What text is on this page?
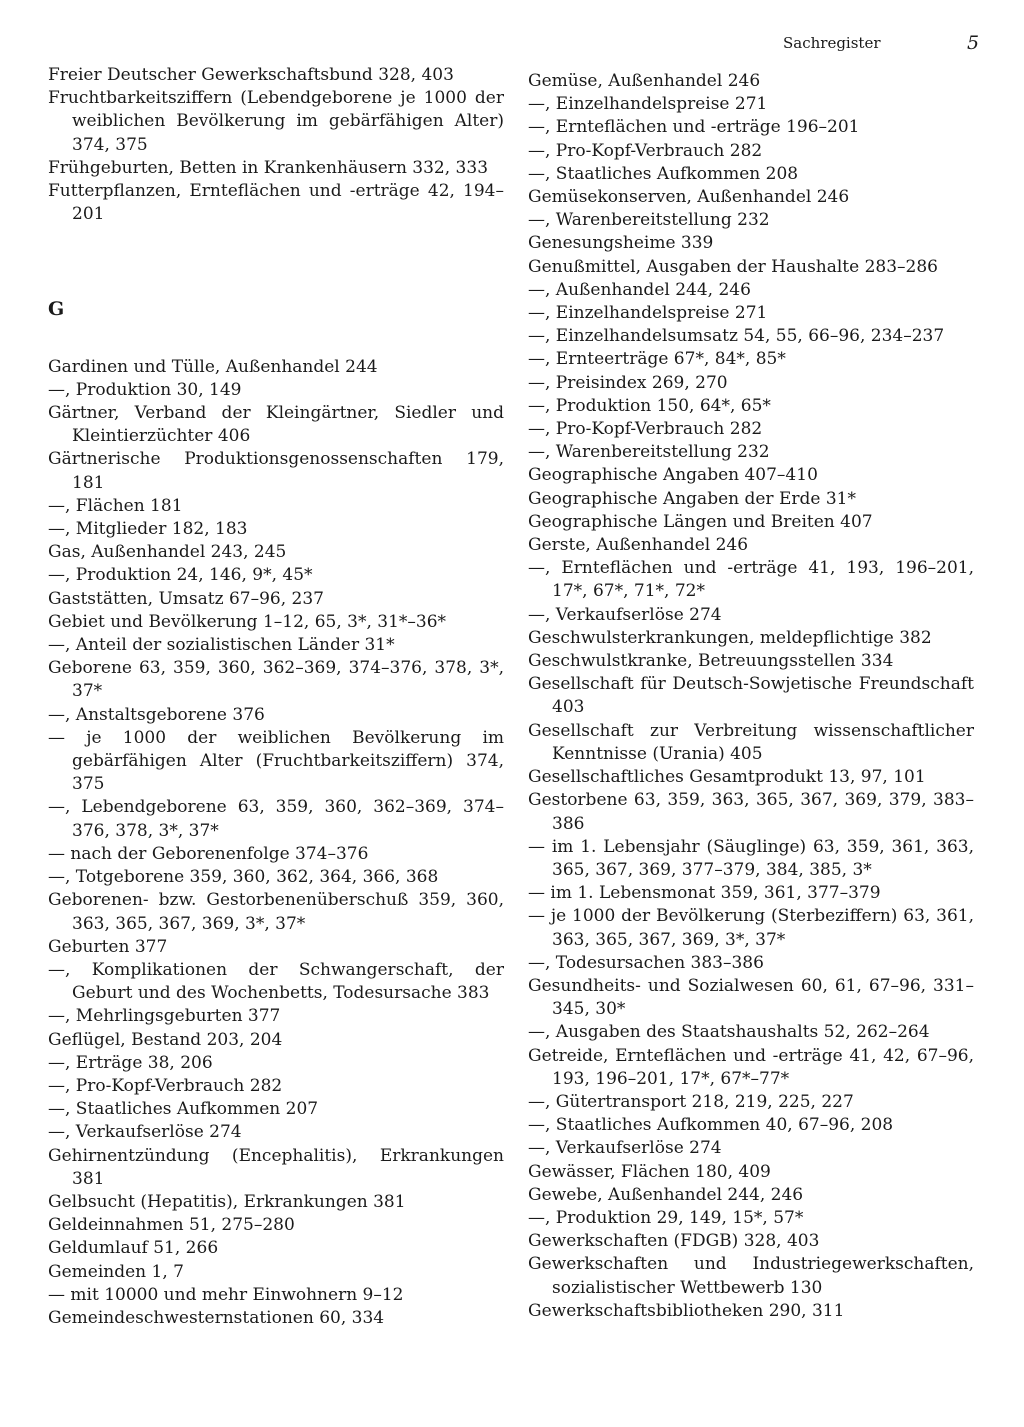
Sachregister	5

Freier Deutscher Gewerkschaftsbund 328, 403

Fruchtbarkeitsziffern (Lebendgeborene je 1000 der weiblichen Bevölkerung im gebärfähigen Alter) 374, 375

Frühgeburten, Betten in Krankenhäusern 332, 333

Futterpflanzen, Ernteflächen und -erträge 42, 194–201

G

Gardinen und Tülle, Außenhandel 244

—, Produktion 30, 149

Gärtner, Verband der Kleingärtner, Siedler und Kleintierzüchter 406

Gärtnerische Produktionsgenossenschaften 179, 181

—, Flächen 181

—, Mitglieder 182, 183

Gas, Außenhandel 243, 245

—, Produktion 24, 146, 9*, 45*

Gaststätten, Umsatz 67–96, 237

Gebiet und Bevölkerung 1–12, 65, 3*, 31*–36*

—, Anteil der sozialistischen Länder 31*

Geborene 63, 359, 360, 362–369, 374–376, 378, 3*, 37*

—, Anstaltsgeborene 376

— je 1000 der weiblichen Bevölkerung im gebärfähigen Alter (Fruchtbarkeitsziffern) 374, 375

—, Lebendgeborene 63, 359, 360, 362–369, 374–376, 378, 3*, 37*

— nach der Geborenenfolge 374–376

—, Totgeborene 359, 360, 362, 364, 366, 368

Geborenen- bzw. Gestorbenenüberschuß 359, 360, 363, 365, 367, 369, 3*, 37*

Geburten 377

—, Komplikationen der Schwangerschaft, der Geburt und des Wochenbetts, Todesursache 383

—, Mehrlingsgeburten 377

Geflügel, Bestand 203, 204

—, Erträge 38, 206

—, Pro-Kopf-Verbrauch 282

—, Staatliches Aufkommen 207

—, Verkaufserlöse 274

Gehirnentzündung (Encephalitis), Erkrankungen 381

Gelbsucht (Hepatitis), Erkrankungen 381

Geldeinnahmen 51, 275–280

Geldumlauf 51, 266

Gemeinden 1, 7

— mit 10000 und mehr Einwohnern 9–12

Gemeindeschwesternstationen 60, 334

Gemüse, Außenhandel 246

—, Einzelhandelspreise 271

—, Ernteflächen und -erträge 196–201

—, Pro-Kopf-Verbrauch 282

—, Staatliches Aufkommen 208

Gemüsekonserven, Außenhandel 246

—, Warenbereitstellung 232

Genesungsheime 339

Genußmittel, Ausgaben der Haushalte 283–286

—, Außenhandel 244, 246

—, Einzelhandelspreise 271

—, Einzelhandelsumsatz 54, 55, 66–96, 234–237

—, Ernteerträge 67*, 84*, 85*

—, Preisindex 269, 270

—, Produktion 150, 64*, 65*

—, Pro-Kopf-Verbrauch 282

—, Warenbereitstellung 232

Geographische Angaben 407–410

Geographische Angaben der Erde 31*

Geographische Längen und Breiten 407

Gerste, Außenhandel 246

—, Ernteflächen und -erträge 41, 193, 196–201, 17*, 67*, 71*, 72*

—, Verkaufserlöse 274

Geschwulsterkrankungen, meldepflichtige 382

Geschwulstkranke, Betreuungsstellen 334

Gesellschaft für Deutsch-Sowjetische Freundschaft 403

Gesellschaft zur Verbreitung wissenschaftlicher Kenntnisse (Urania) 405

Gesellschaftliches Gesamtprodukt 13, 97, 101

Gestorbene 63, 359, 363, 365, 367, 369, 379, 383–386

— im 1. Lebensjahr (Säuglinge) 63, 359, 361, 363, 365, 367, 369, 377–379, 384, 385, 3*

— im 1. Lebensmonat 359, 361, 377–379

— je 1000 der Bevölkerung (Sterbeziffern) 63, 361, 363, 365, 367, 369, 3*, 37*

—, Todesursachen 383–386

Gesundheits- und Sozialwesen 60, 61, 67–96, 331–345, 30*

—, Ausgaben des Staatshaushalts 52, 262–264

Getreide, Ernteflächen und -erträge 41, 42, 67–96, 193, 196–201, 17*, 67*–77*

—, Gütertransport 218, 219, 225, 227

—, Staatliches Aufkommen 40, 67–96, 208

—, Verkaufserlöse 274

Gewässer, Flächen 180, 409

Gewebe, Außenhandel 244, 246

—, Produktion 29, 149, 15*, 57*

Gewerkschaften (FDGB) 328, 403

Gewerkschaften und Industriegewerkschaften, sozialistischer Wettbewerb 130

Gewerkschaftsbibliotheken 290, 311
